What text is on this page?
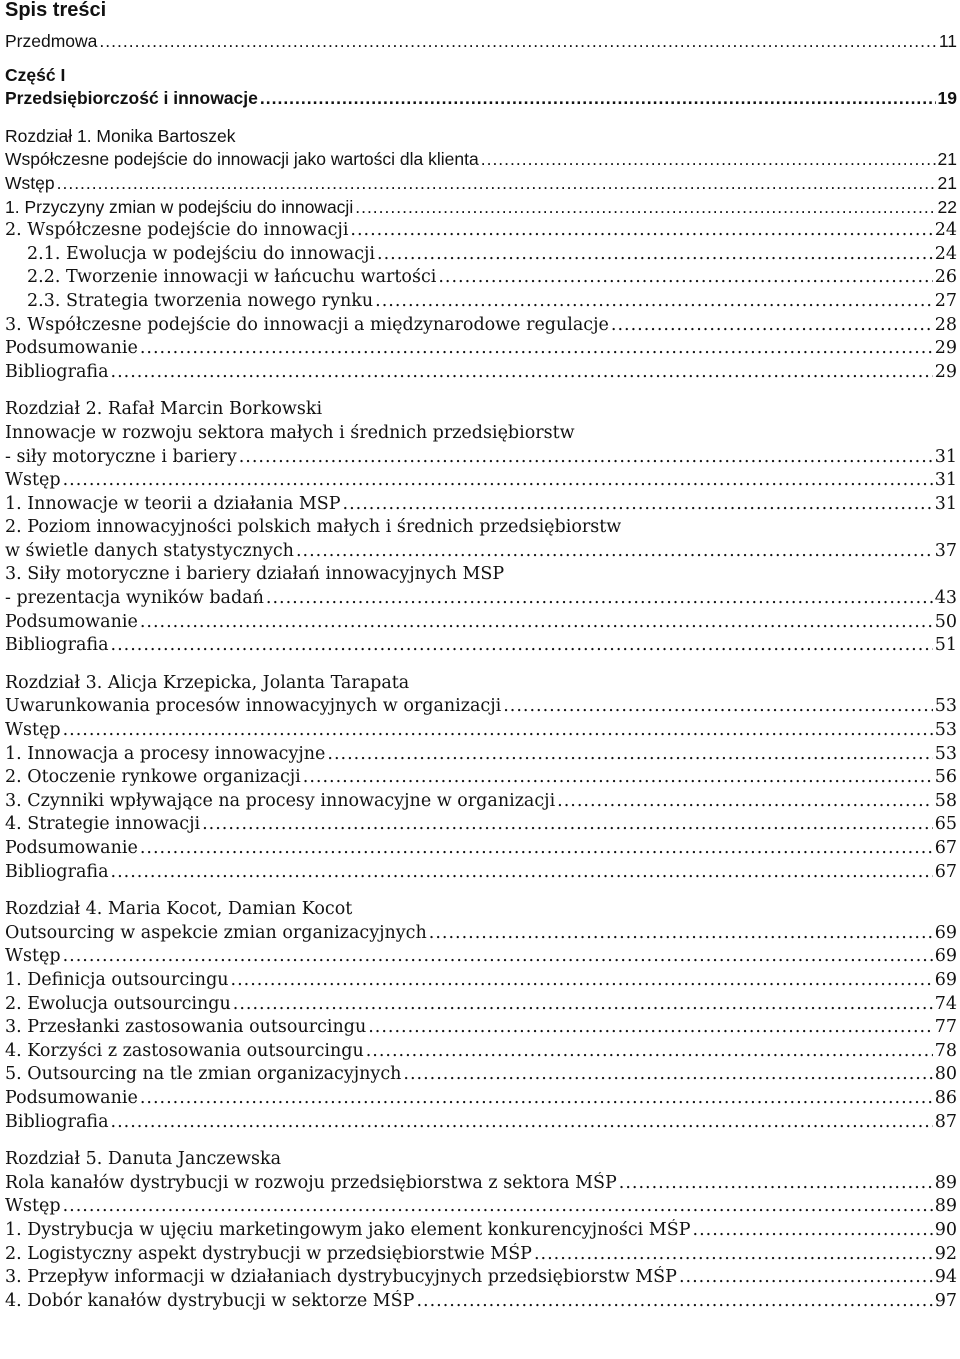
Spis treści
Przedmowa .....	11
Część I
Przedsiębiorczość i innowacje .....	19
Rozdział 1. Monika Bartoszek
Współczesne podejście do innowacji jako wartości dla klienta .....	21
Wstęp .....	21
1. Przyczyny zmian w podejściu do innowacji .....	22
2. Współczesne podejście do innowacji .....	24
2.1. Ewolucja w podejściu do innowacji .....	24
2.2. Tworzenie innowacji w łańcuchu wartości .....	26
2.3. Strategia tworzenia nowego rynku .....	27
3. Współczesne podejście do innowacji a międzynarodowe regulacje .....	28
Podsumowanie .....	29
Bibliografia .....	29
Rozdział 2. Rafał Marcin Borkowski
Innowacje w rozwoju sektora małych i średnich przedsiębiorstw
- siły motoryczne i bariery .....	31
Wstęp .....	31
1. Innowacje w teorii a działania MSP .....	31
2. Poziom innowacyjności polskich małych i średnich przedsiębiorstw
w świetle danych statystycznych .....	37
3. Siły motoryczne i bariery działań innowacyjnych MSP
- prezentacja wyników badań .....	43
Podsumowanie .....	50
Bibliografia .....	51
Rozdział 3. Alicja Krzepicka, Jolanta Tarapata
Uwarunkowania procesów innowacyjnych w organizacji .....	53
Wstęp .....	53
1. Innowacja a procesy innowacyjne .....	53
2. Otoczenie rynkowe organizacji .....	56
3. Czynniki wpływające na procesy innowacyjne w organizacji .....	58
4. Strategie innowacji .....	65
Podsumowanie .....	67
Bibliografia .....	67
Rozdział 4. Maria Kocot, Damian Kocot
Outsourcing w aspekcie zmian organizacyjnych .....	69
Wstęp .....	69
1. Definicja outsourcingu .....	69
2. Ewolucja outsourcingu .....	74
3. Przesłanki zastosowania outsourcingu .....	77
4. Korzyści z zastosowania outsourcingu .....	78
5. Outsourcing na tle zmian organizacyjnych .....	80
Podsumowanie .....	86
Bibliografia .....	87
Rozdział 5. Danuta Janczewska
Rola kanałów dystrybucji w rozwoju przedsiębiorstwa z sektora MŚP .....	89
Wstęp .....	89
1. Dystrybucja w ujęciu marketingowym jako element konkurencyjności MŚP .....	90
2. Logistyczny aspekt dystrybucji w przedsiębiorstwie MŚP .....	92
3. Przepływ informacji w działaniach dystrybucyjnych przedsiębiorstw MŚP .....	94
4. Dobór kanałów dystrybucji w sektorze MŚP .....	97
